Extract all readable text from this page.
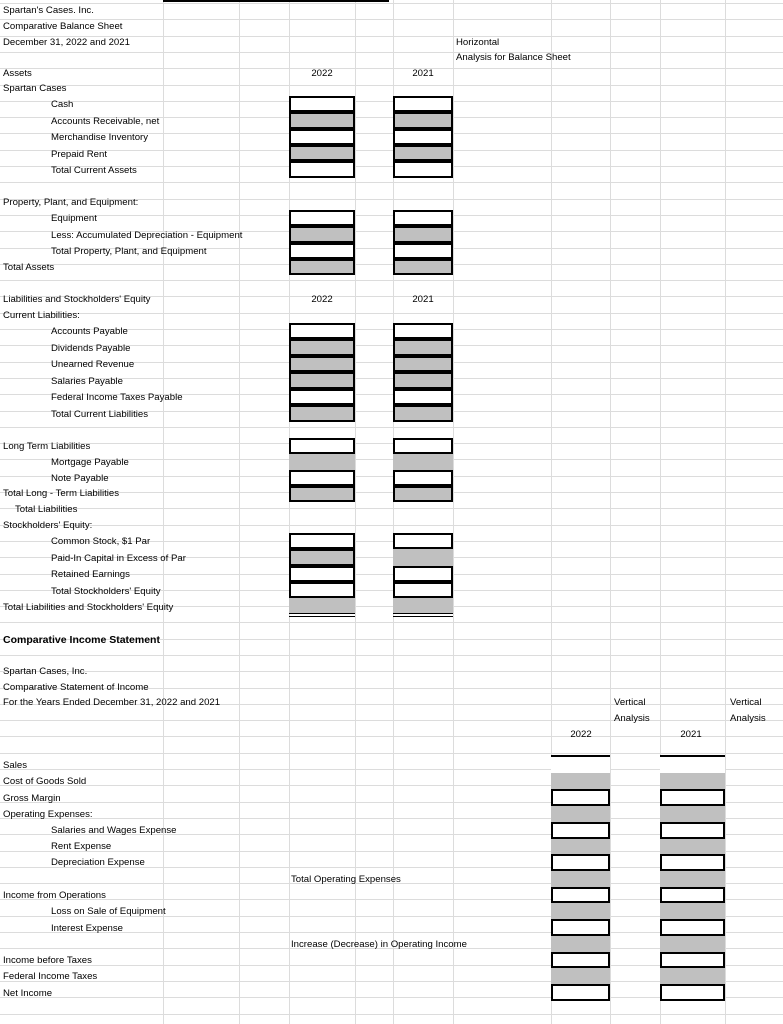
Spartan's Cases. Inc.
Comparative Balance Sheet
December 31, 2022 and 2021	Horizontal
Analysis for Balance Sheet
Assets	2022	2021
Spartan Cases
Cash
Accounts Receivable, net
Merchandise Inventory
Prepaid Rent
Total Current Assets
Property, Plant, and Equipment:
Equipment
Less: Accumulated Depreciation - Equipment
Total Property, Plant, and Equipment
Total Assets
Liabilities and Stockholders' Equity	2022	2021
Current Liabilities:
Accounts Payable
Dividends Payable
Unearned Revenue
Salaries Payable
Federal Income Taxes Payable
Total Current Liabilities
Long Term Liabilities
Mortgage Payable
Note Payable
Total Long - Term Liabilities
Total Liabilities
Stockholders' Equity:
Common Stock, $1 Par
Paid-In Capital in Excess of Par
Retained Earnings
Total Stockholders' Equity
Total Liabilities and Stockholders' Equity
Comparative Income Statement
Spartan Cases, Inc.
Comparative Statement of Income
For the Years Ended December 31, 2022 and 2021	Vertical
Analysis
Vertical
Analysis
2022	2021
Sales
Cost of Goods Sold
Gross Margin
Operating Expenses:
Salaries and Wages Expense
Rent Expense
Depreciation Expense
Total Operating Expenses
Income from Operations
Loss on Sale of Equipment
Interest Expense
Increase (Decrease) in Operating Income
Income before Taxes
Federal Income Taxes
Net Income
